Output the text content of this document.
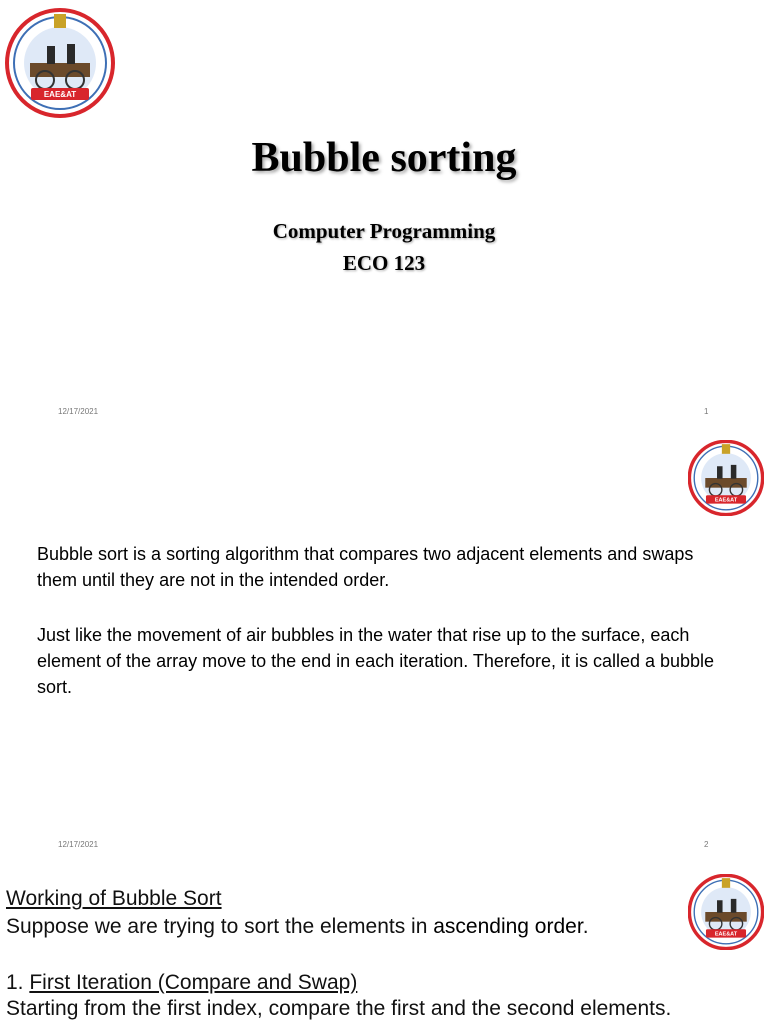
EAE&AT
Bubble sorting
Computer Programming
ECO 123
12/17/2021	1
EAE&AT

Bubble sort is a sorting algorithm that compares two adjacent elements and swaps them until they are not in the intended order.

Just like the movement of air bubbles in the water that rise up to the surface, each element of the array move to the end in each iteration. Therefore, it is called a bubble sort.

12/17/2021	2
EAE&AT
Working of Bubble Sort
Suppose we are trying to sort the elements in ascending order.
1. First Iteration (Compare and Swap)
Starting from the first index, compare the first and the second elements.
